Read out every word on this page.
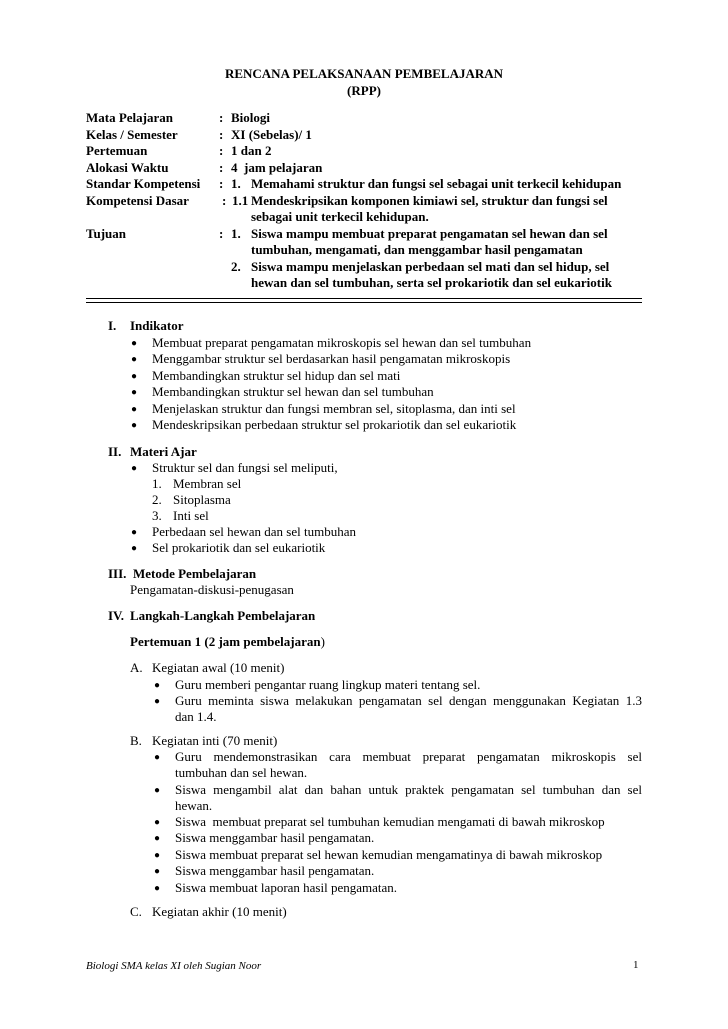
RENCANA PELAKSANAAN PEMBELAJARAN
(RPP)
Mata Pelajaran	: Biologi
Kelas / Semester	: XI (Sebelas)/ 1
Pertemuan	: 1 dan 2
Alokasi Waktu	: 4  jam pelajaran
Standar Kompetensi : 1. Memahami struktur dan fungsi sel sebagai unit terkecil kehidupan
Kompetensi Dasar	: 1.1 Mendeskripsikan komponen kimiawi sel, struktur dan fungsi sel
sebagai unit terkecil kehidupan.
Tujuan	: 1. Siswa mampu membuat preparat pengamatan sel hewan dan sel
tumbuhan, mengamati, dan menggambar hasil pengamatan
2. Siswa mampu menjelaskan perbedaan sel mati dan sel hidup, sel
hewan dan sel tumbuhan, serta sel prokariotik dan sel eukariotik
I. Indikator
● Membuat preparat pengamatan mikroskopis sel hewan dan sel tumbuhan
● Menggambar struktur sel berdasarkan hasil pengamatan mikroskopis
● Membandingkan struktur sel hidup dan sel mati
● Membandingkan struktur sel hewan dan sel tumbuhan
● Menjelaskan struktur dan fungsi membran sel, sitoplasma, dan inti sel
● Mendeskripsikan perbedaan struktur sel prokariotik dan sel eukariotik
II. Materi Ajar
● Struktur sel dan fungsi sel meliputi,
1. Membran sel
2. Sitoplasma
3. Inti sel
● Perbedaan sel hewan dan sel tumbuhan
● Sel prokariotik dan sel eukariotik
III. Metode Pembelajaran
Pengamatan-diskusi-penugasan
IV. Langkah-Langkah Pembelajaran
Pertemuan 1 (2 jam pembelajaran)
A. Kegiatan awal (10 menit)
● Guru memberi pengantar ruang lingkup materi tentang sel.
● Guru meminta siswa melakukan pengamatan sel dengan menggunakan Kegiatan 1.3
dan 1.4.
B. Kegiatan inti (70 menit)
● Guru mendemonstrasikan cara membuat preparat pengamatan mikroskopis sel
tumbuhan dan sel hewan.
● Siswa mengambil alat dan bahan untuk praktek pengamatan sel tumbuhan dan sel
hewan.
● Siswa  membuat preparat sel tumbuhan kemudian mengamati di bawah mikroskop
● Siswa menggambar hasil pengamatan.
● Siswa membuat preparat sel hewan kemudian mengamatinya di bawah mikroskop
● Siswa menggambar hasil pengamatan.
● Siswa membuat laporan hasil pengamatan.
C. Kegiatan akhir (10 menit)
Biologi SMA kelas XI oleh Sugian Noor	1
